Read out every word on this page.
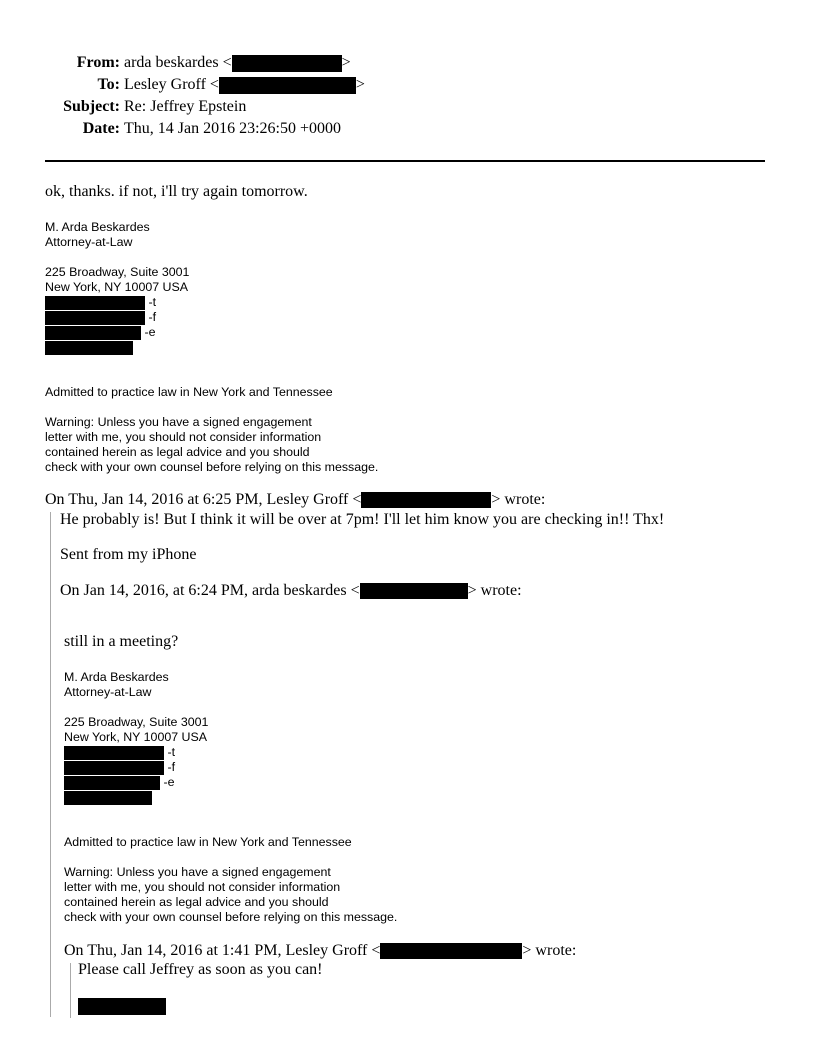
From: arda beskardes <	>
To: Lesley Groff <	>
Subject: Re: Jeffrey Epstein
Date: Thu, 14 Jan 2016 23:26:50 +0000
ok, thanks. if not, i'll try again tomorrow.
M. Arda Beskardes
Attorney-at-Law
225 Broadway, Suite 3001
New York, NY 10007 USA
-t
-f
-e
Admitted to practice law in New York and Tennessee
Warning: Unless you have a signed engagement
letter with me, you should not consider information
contained herein as legal advice and you should
check with your own counsel before relying on this message.
On Thu, Jan 14, 2016 at 6:25 PM, Lesley Groff <	> wrote:
He probably is! But I think it will be over at 7pm! I'll let him know you are checking in!! Thx!
Sent from my iPhone
On Jan 14, 2016, at 6:24 PM, arda beskardes <	> wrote:
still in a meeting?
M. Arda Beskardes
Attorney-at-Law
225 Broadway, Suite 3001
New York, NY 10007 USA
-t
-f
-e
Admitted to practice law in New York and Tennessee
Warning: Unless you have a signed engagement
letter with me, you should not consider information
contained herein as legal advice and you should
check with your own counsel before relying on this message.
On Thu, Jan 14, 2016 at 1:41 PM, Lesley Groff <	> wrote:
Please call Jeffrey as soon as you can!
